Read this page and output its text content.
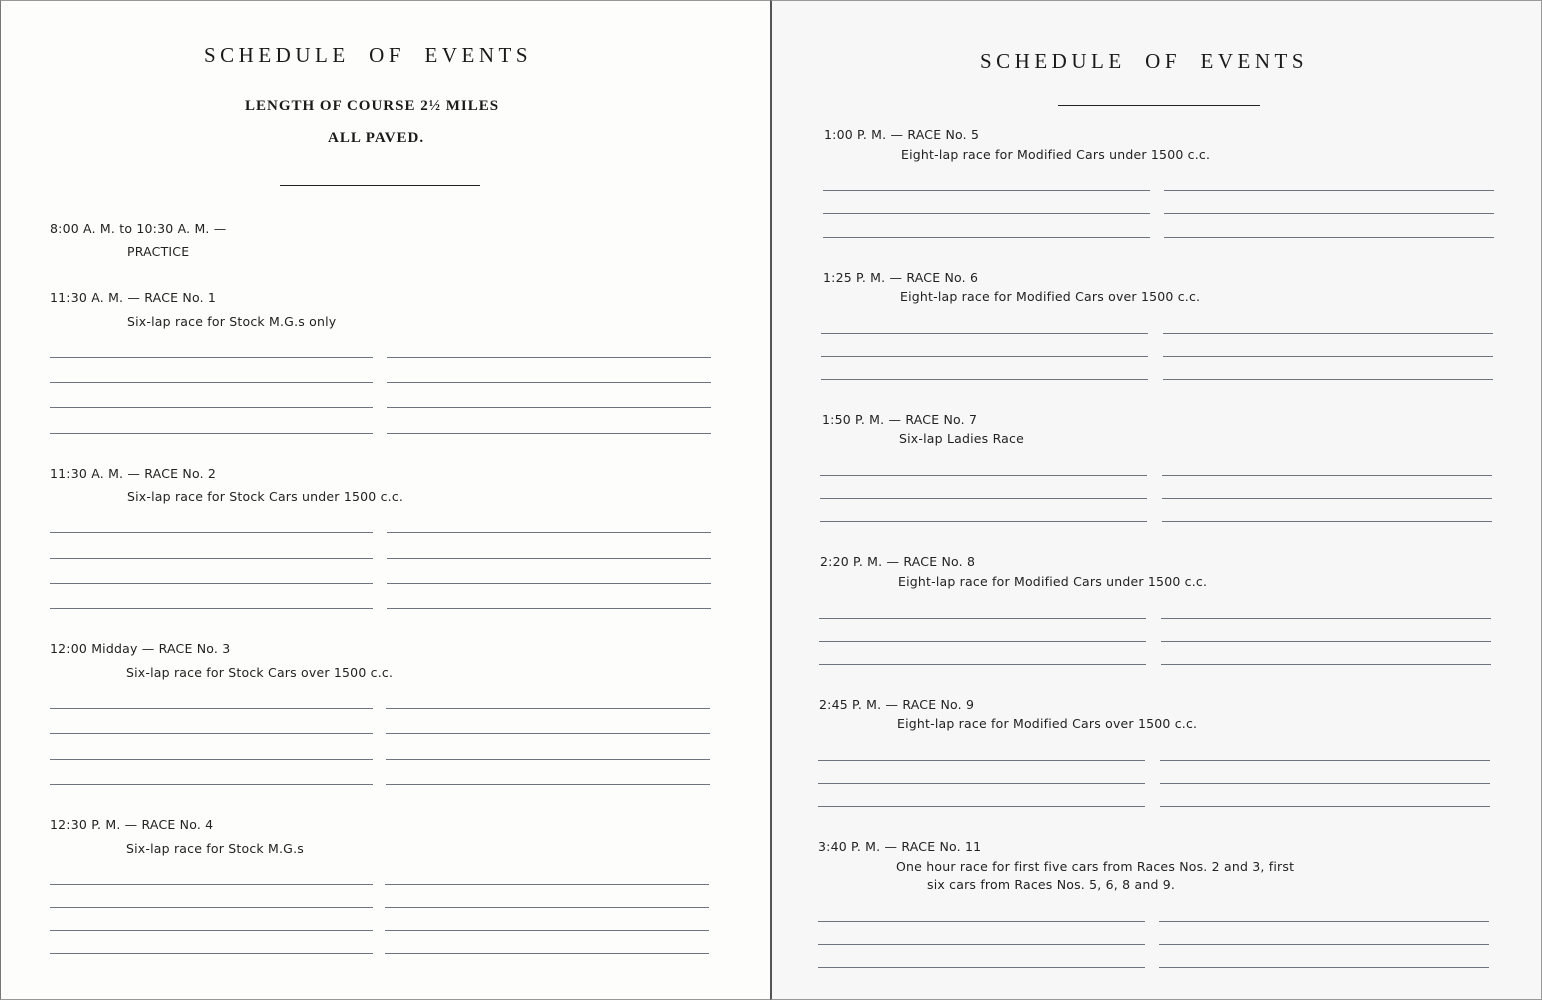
SCHEDULE  OF  EVENTS
LENGTH OF COURSE 2½ MILES
ALL PAVED.
8:00 A. M. to 10:30 A. M. —
PRACTICE
11:30 A. M. — RACE No. 1
Six-lap race for Stock M.G.s only
11:30 A. M. — RACE No. 2
Six-lap race for Stock Cars under 1500 c.c.
12:00 Midday — RACE No. 3
Six-lap race for Stock Cars over 1500 c.c.
12:30 P. M. — RACE No. 4
Six-lap race for Stock M.G.s
SCHEDULE  OF  EVENTS
1:00 P. M. — RACE No. 5
Eight-lap race for Modified Cars under 1500 c.c.
1:25 P. M. — RACE No. 6
Eight-lap race for Modified Cars over 1500 c.c.
1:50 P. M. — RACE No. 7
Six-lap Ladies Race
2:20 P. M. — RACE No. 8
Eight-lap race for Modified Cars under 1500 c.c.
2:45 P. M. — RACE No. 9
Eight-lap race for Modified Cars over 1500 c.c.
3:40 P. M. — RACE No. 11
One hour race for first five cars from Races Nos. 2 and 3, first
six cars from Races Nos. 5, 6, 8 and 9.
